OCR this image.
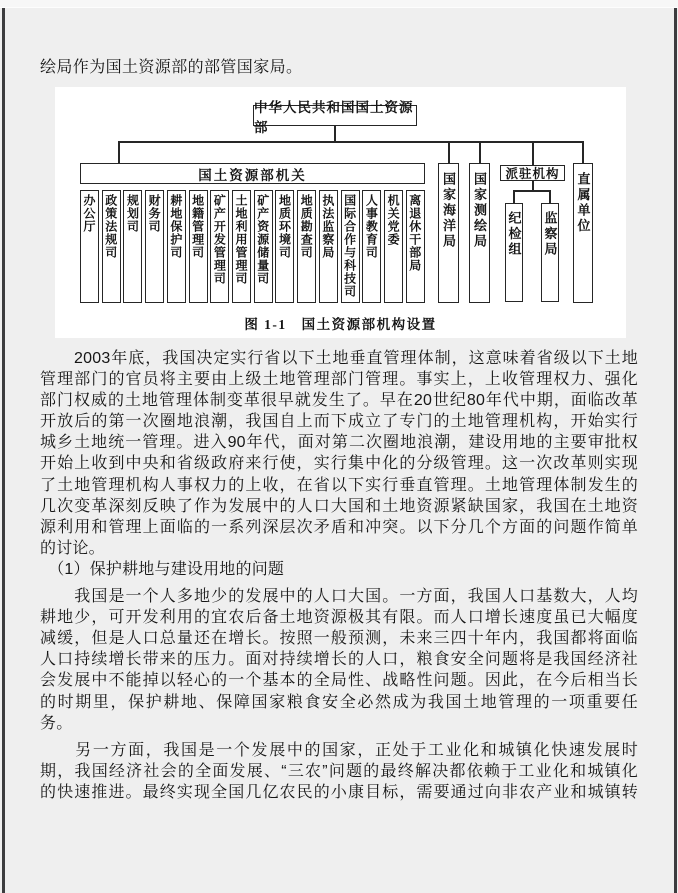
绘局作为国土资源部的部管国家局。
中华人民共和国国土资源部
国土资源部机关
办公厅 政策法规司 规划司 财务司 耕地保护司 地籍管理司 矿产开发管理司 土地利用管理司 矿产资源储量司 地质环境司 地质勘查司 执法监察局 国际合作与科技司 人事教育司 机关党委 离退休干部局 国家海洋局 国家测绘局	派驻机构
纪检组 监察局
直属单位
图 1-1　国土资源部机构设置
　　2003年底，我国决定实行省以下土地垂直管理体制，这意味着省级以下土地
管理部门的官员将主要由上级土地管理部门管理。事实上，上收管理权力、强化
部门权威的土地管理体制变革很早就发生了。早在20世纪80年代中期，面临改革
开放后的第一次圈地浪潮，我国自上而下成立了专门的土地管理机构，开始实行
城乡土地统一管理。进入90年代，面对第二次圈地浪潮，建设用地的主要审批权
开始上收到中央和省级政府来行使，实行集中化的分级管理。这一次改革则实现
了土地管理机构人事权力的上收，在省以下实行垂直管理。土地管理体制发生的
几次变革深刻反映了作为发展中的人口大国和土地资源紧缺国家，我国在土地资
源利用和管理上面临的一系列深层次矛盾和冲突。以下分几个方面的问题作简单
的讨论。
　（1）保护耕地与建设用地的问题
　　我国是一个人多地少的发展中的人口大国。一方面，我国人口基数大，人均
耕地少，可开发利用的宜农后备土地资源极其有限。而人口增长速度虽已大幅度
减缓，但是人口总量还在增长。按照一般预测，未来三四十年内，我国都将面临
人口持续增长带来的压力。面对持续增长的人口，粮食安全问题将是我国经济社
会发展中不能掉以轻心的一个基本的全局性、战略性问题。因此，在今后相当长
的时期里，保护耕地、保障国家粮食安全必然成为我国土地管理的一项重要任
务。
　　另一方面，我国是一个发展中的国家，正处于工业化和城镇化快速发展时
期，我国经济社会的全面发展、“三农”问题的最终解决都依赖于工业化和城镇化
的快速推进。最终实现全国几亿农民的小康目标，需要通过向非农产业和城镇转
